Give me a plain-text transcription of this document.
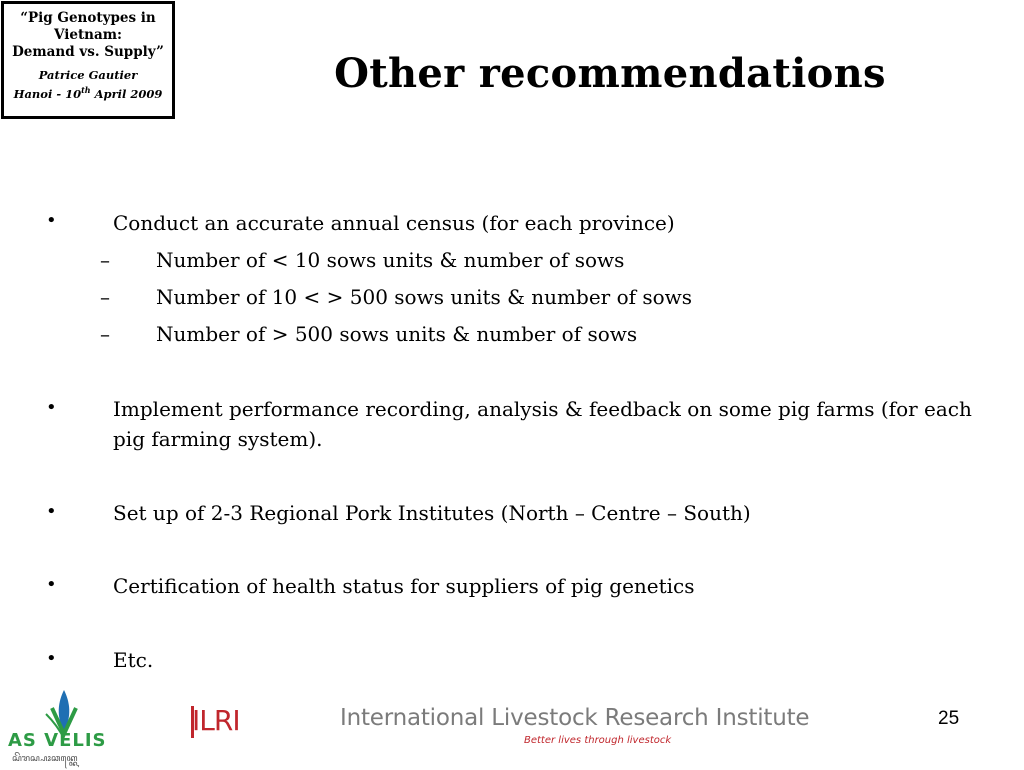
“Pig Genotypes in
Vietnam:
Demand vs. Supply”
Patrice Gautier
Hanoi - 10th April 2009	Other recommendations
•	Conduct an accurate annual census (for each province)
– Number of < 10 sows units & number of sows
– Number of 10 < > 500 sows units & number of sows
– Number of > 500 sows units & number of sows
•	Implement performance recording, analysis & feedback on some pig farms (for each pig farming system).
•	Set up of 2-3 Regional Pork Institutes (North – Centre – South)
•	Certification of health status for suppliers of pig genetics
•	Etc.
AS VELIS
ꦱꦼꦫꦱ꧀ꦥꦴꦕꦏ꧀ꦏꦺ
ILRI	International Livestock Research Institute
Better lives through livestock
25
